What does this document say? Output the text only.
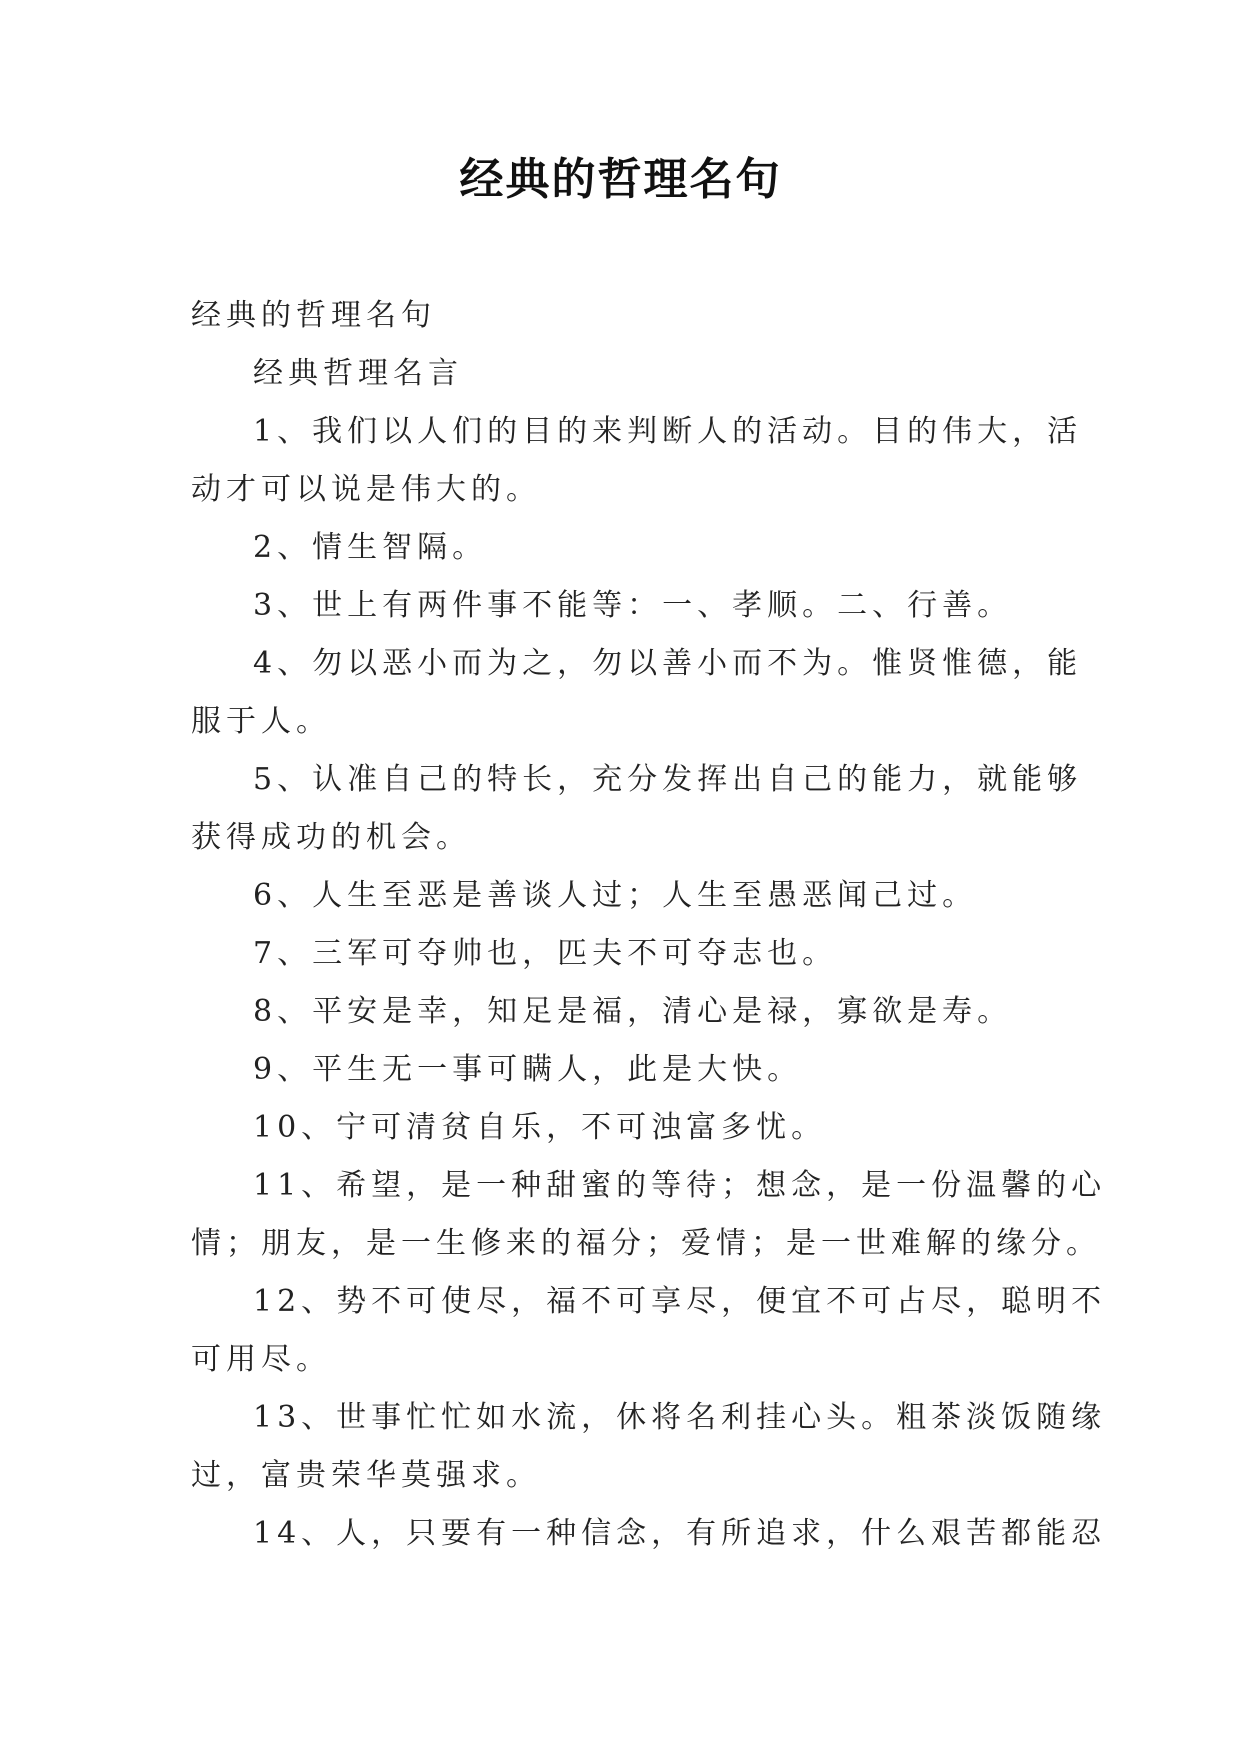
经典的哲理名句
经典的哲理名句
经典哲理名言
1、我们以人们的目的来判断人的活动。目的伟大，活
动才可以说是伟大的。
2、情生智隔。
3、世上有两件事不能等：一、孝顺。二、行善。
4、勿以恶小而为之，勿以善小而不为。惟贤惟德，能
服于人。
5、认准自己的特长，充分发挥出自己的能力，就能够
获得成功的机会。
6、人生至恶是善谈人过；人生至愚恶闻己过。
7、三军可夺帅也，匹夫不可夺志也。
8、平安是幸，知足是福，清心是禄，寡欲是寿。
9、平生无一事可瞒人，此是大快。
10、宁可清贫自乐，不可浊富多忧。
11、希望，是一种甜蜜的等待；想念，是一份温馨的心
情；朋友，是一生修来的福分；爱情；是一世难解的缘分。
12、势不可使尽，福不可享尽，便宜不可占尽，聪明不
可用尽。
13、世事忙忙如水流，休将名利挂心头。粗茶淡饭随缘
过，富贵荣华莫强求。
14、人，只要有一种信念，有所追求，什么艰苦都能忍
